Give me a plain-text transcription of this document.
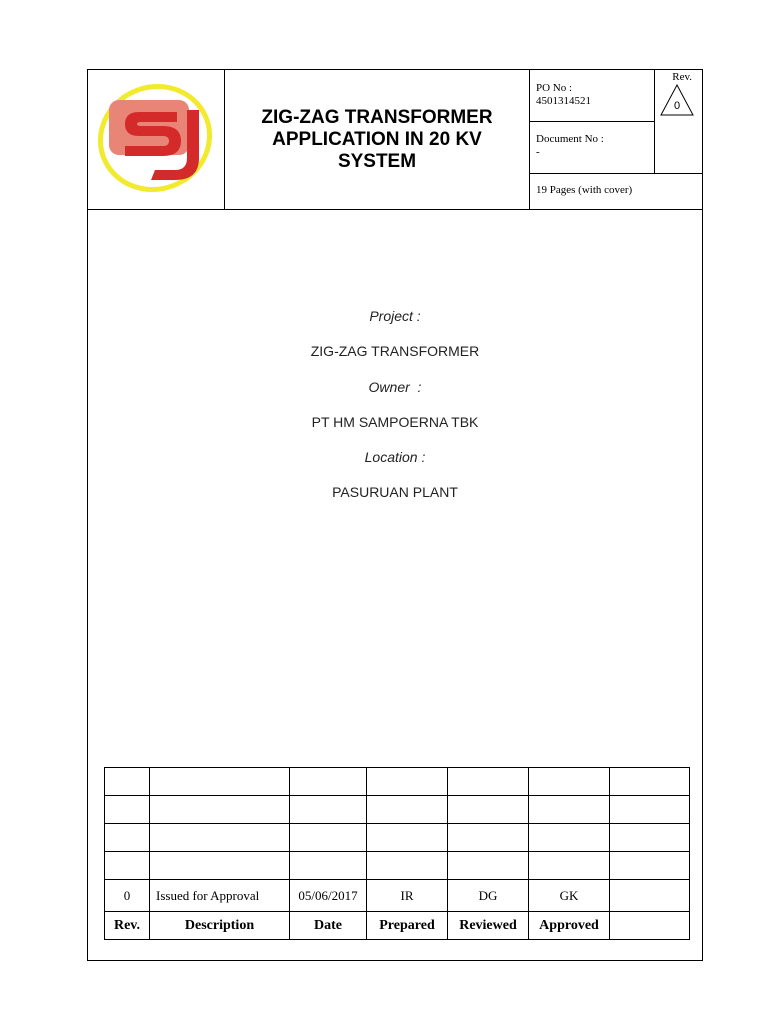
ZIG-ZAG TRANSFORMER APPLICATION IN 20 KV SYSTEM
PO No :
4501314521
Document No :
-
Rev.
0
19 Pages (with cover)
Project :
ZIG-ZAG TRANSFORMER
Owner  :
PT HM SAMPOERNA TBK
Location :
PASURUAN PLANT

0	Issued for Approval	05/06/2017	IR	DG	GK	
Rev.	Description	Date	Prepared	Reviewed	Approved	
